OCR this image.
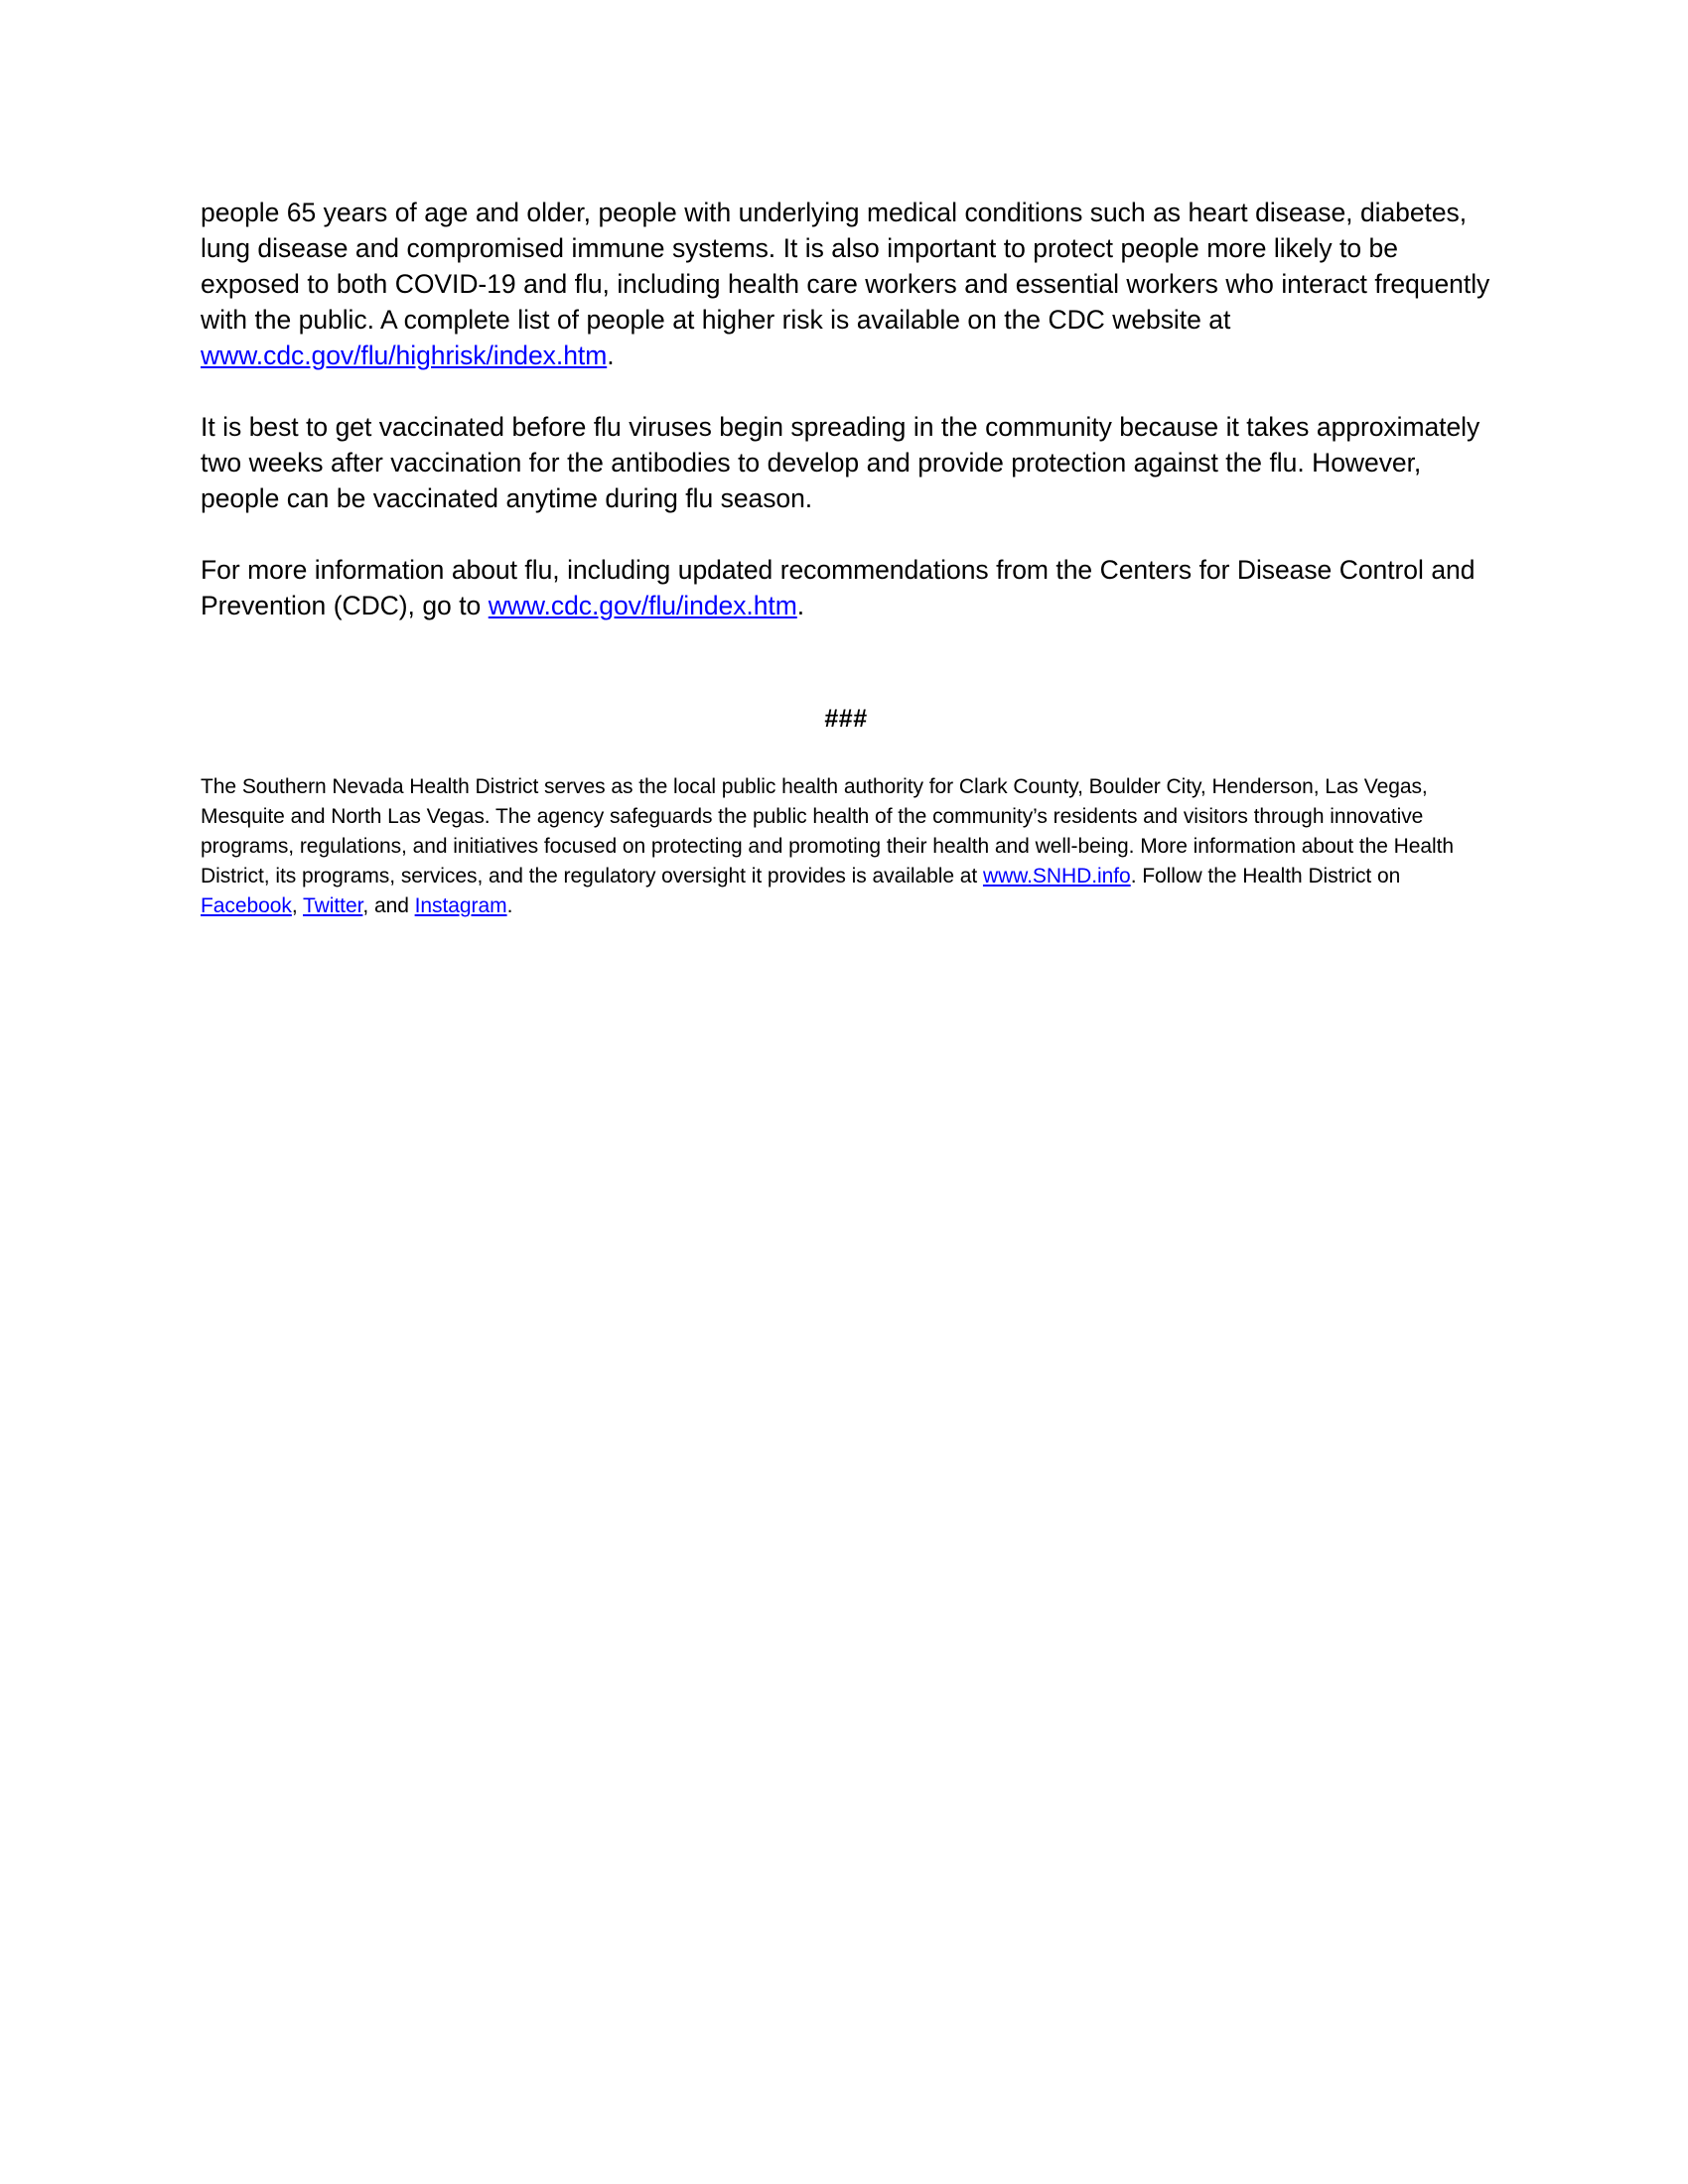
people 65 years of age and older, people with underlying medical conditions such as heart disease, diabetes, lung disease and compromised immune systems. It is also important to protect people more likely to be exposed to both COVID-19 and flu, including health care workers and essential workers who interact frequently with the public. A complete list of people at higher risk is available on the CDC website at www.cdc.gov/flu/highrisk/index.htm.

It is best to get vaccinated before flu viruses begin spreading in the community because it takes approximately two weeks after vaccination for the antibodies to develop and provide protection against the flu. However, people can be vaccinated anytime during flu season.

For more information about flu, including updated recommendations from the Centers for Disease Control and Prevention (CDC), go to www.cdc.gov/flu/index.htm.

###
The Southern Nevada Health District serves as the local public health authority for Clark County, Boulder City, Henderson, Las Vegas, Mesquite and North Las Vegas. The agency safeguards the public health of the community’s residents and visitors through innovative programs, regulations, and initiatives focused on protecting and promoting their health and well-being. More information about the Health District, its programs, services, and the regulatory oversight it provides is available at www.SNHD.info. Follow the Health District on Facebook, Twitter, and Instagram.
